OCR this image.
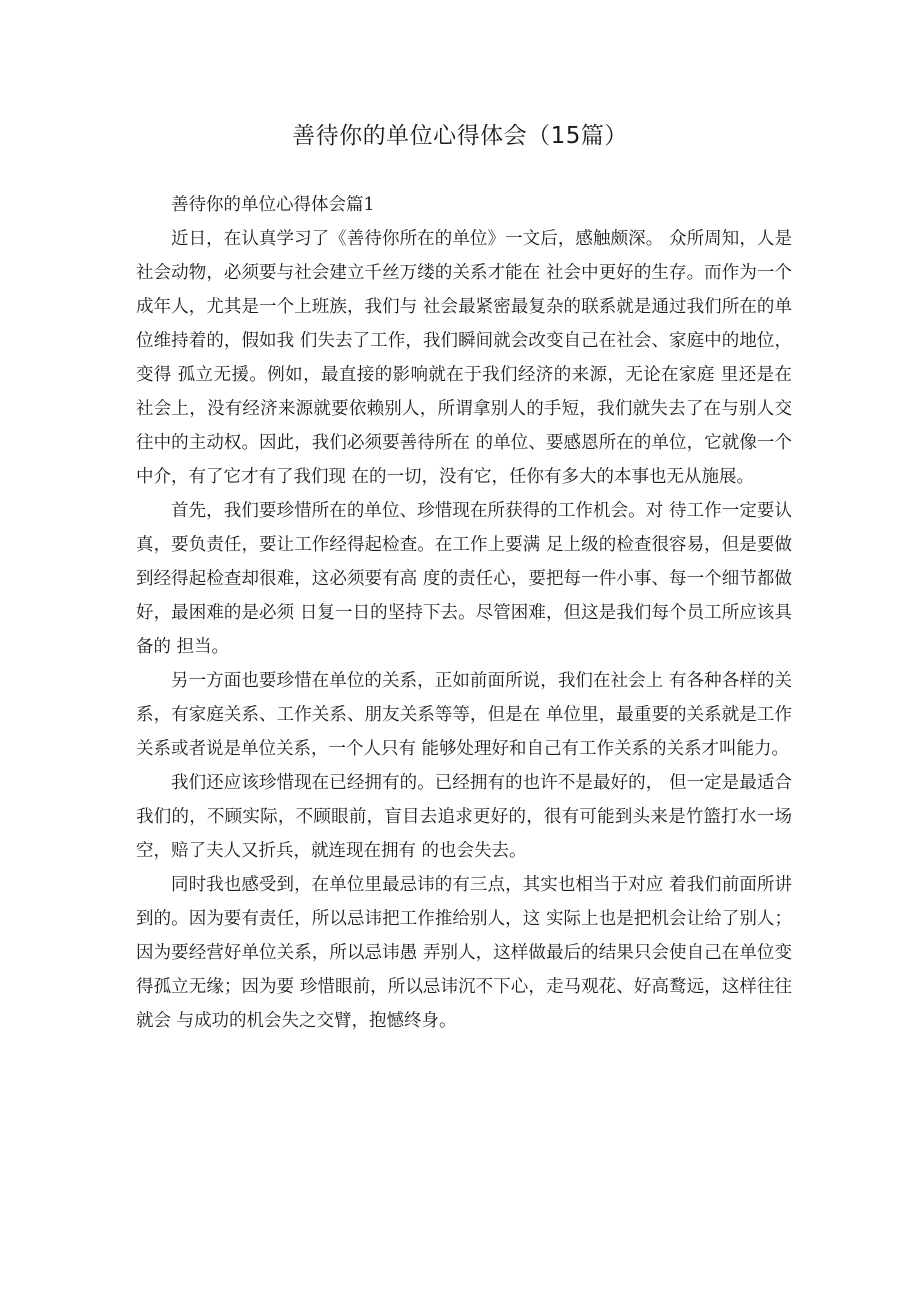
善待你的单位心得体会（15篇）
善待你的单位心得体会篇1

近日，在认真学习了《善待你所在的单位》一文后，感触颇深。 众所周知，人是社会动物，必须要与社会建立千丝万缕的关系才能在 社会中更好的生存。而作为一个成年人，尤其是一个上班族，我们与 社会最紧密最复杂的联系就是通过我们所在的单位维持着的，假如我 们失去了工作，我们瞬间就会改变自己在社会、家庭中的地位，变得 孤立无援。例如，最直接的影响就在于我们经济的来源，无论在家庭 里还是在社会上，没有经济来源就要依赖别人，所谓拿别人的手短，我们就失去了在与别人交往中的主动权。因此，我们必须要善待所在 的单位、要感恩所在的单位，它就像一个中介，有了它才有了我们现 在的一切，没有它，任你有多大的本事也无从施展。

首先，我们要珍惜所在的单位、珍惜现在所获得的工作机会。对 待工作一定要认真，要负责任，要让工作经得起检查。在工作上要满 足上级的检查很容易，但是要做到经得起检查却很难，这必须要有高 度的责任心，要把每一件小事、每一个细节都做好，最困难的是必须 日复一日的坚持下去。尽管困难，但这是我们每个员工所应该具备的 担当。

另一方面也要珍惜在单位的关系，正如前面所说，我们在社会上 有各种各样的关系，有家庭关系、工作关系、朋友关系等等，但是在 单位里，最重要的关系就是工作关系或者说是单位关系，一个人只有 能够处理好和自己有工作关系的关系才叫能力。

我们还应该珍惜现在已经拥有的。已经拥有的也许不是最好的， 但一定是最适合我们的，不顾实际，不顾眼前，盲目去追求更好的，很有可能到头来是竹篮打水一场空，赔了夫人又折兵，就连现在拥有 的也会失去。

同时我也感受到，在单位里最忌讳的有三点，其实也相当于对应 着我们前面所讲到的。因为要有责任，所以忌讳把工作推给别人，这 实际上也是把机会让给了别人；因为要经营好单位关系，所以忌讳愚 弄别人，这样做最后的结果只会使自己在单位变得孤立无缘；因为要 珍惜眼前，所以忌讳沉不下心，走马观花、好高鹜远，这样往往就会 与成功的机会失之交臂，抱憾终身。
